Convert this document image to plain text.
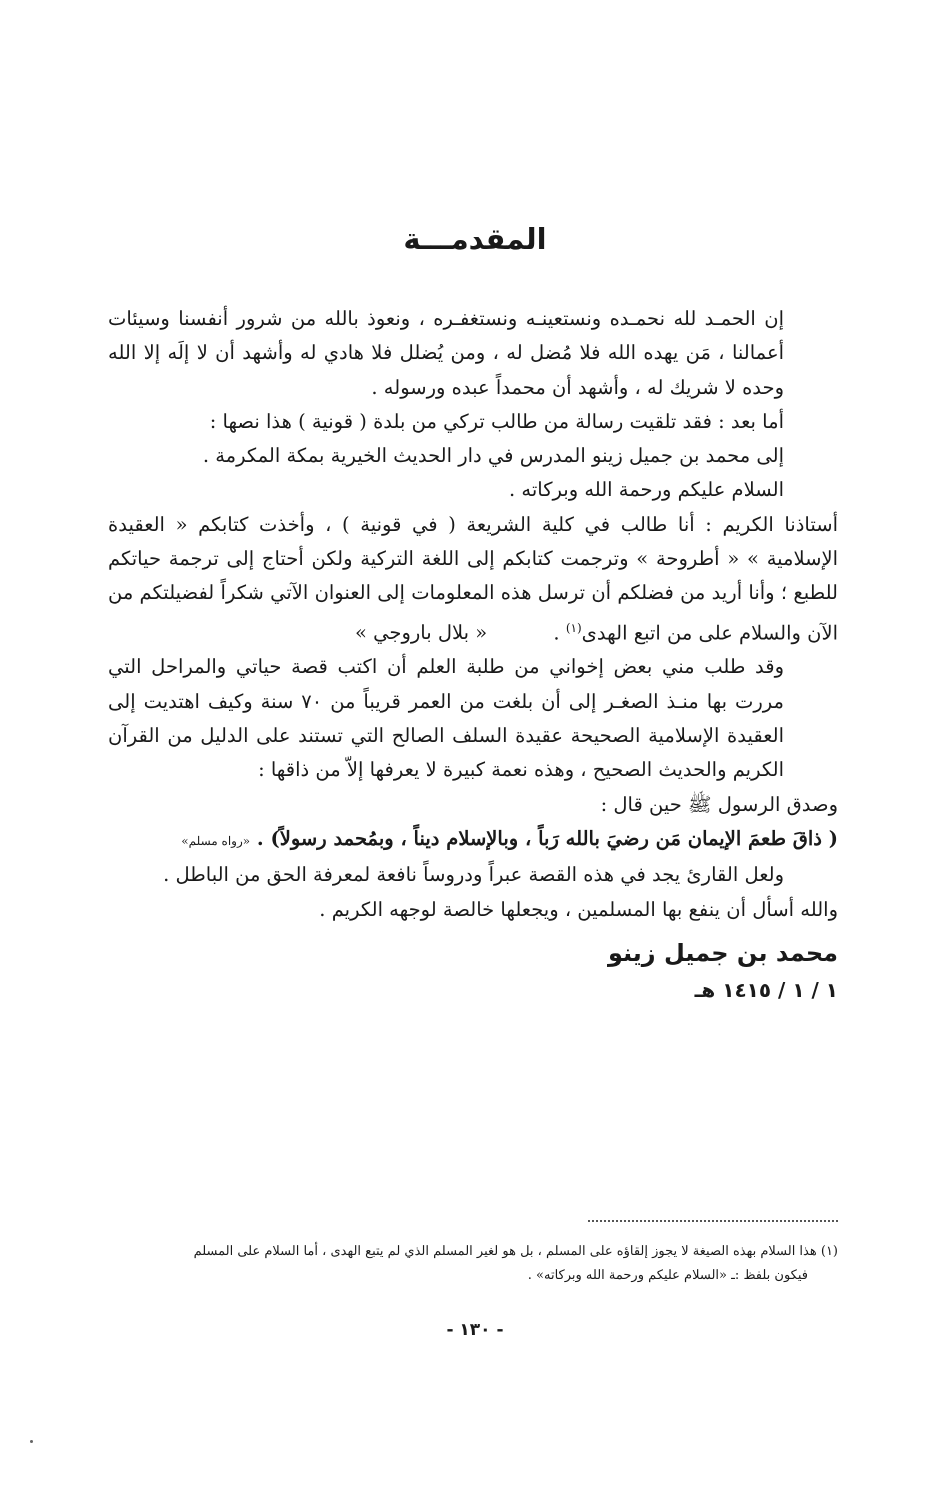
المقدمـــة

إن الحمـد لله نحمـده ونستعينـه ونستغفـره ، ونعوذ بالله من شرور أنفسنا وسيئات أعمالنا ، مَن يهده الله فلا مُضل له ، ومن يُضلل فلا هادي له وأشهد أن لا إلَه إلا الله وحده لا شريك له ، وأشهد أن محمداً عبده ورسوله .

أما بعد : فقد تلقيت رسالة من طالب تركي من بلدة ( قونية ) هذا نصها :

إلى محمد بن جميل زينو المدرس في دار الحديث الخيرية بمكة المكرمة .

السلام عليكم ورحمة الله وبركاته .

أستاذنا الكريم : أنا طالب في كلية الشريعة ( في قونية ) ، وأخذت كتابكم « العقيدة الإسلامية » « أطروحة » وترجمت كتابكم إلى اللغة التركية ولكن أحتاج إلى ترجمة حياتكم للطبع ؛ وأنا أريد من فضلكم أن ترسل هذه المعلومات إلى العنوان الآتي شكراً لفضيلتكم من الآن والسلام على من اتبع الهدى$^{(١)}$ . « بلال باروجي »

وقد طلب مني بعض إخواني من طلبة العلم أن اكتب قصة حياتي والمراحل التي مررت بها منـذ الصغـر إلى أن بلغت من العمر قريباً من ٧٠ سنة وكيف اهتديت إلى العقيدة الإسلامية الصحيحة عقيدة السلف الصالح التي تستند على الدليل من القرآن الكريم والحديث الصحيح ، وهذه نعمة كبيرة لا يعرفها إلاّ من ذاقها :

وصدق الرسول ﷺ حين قال :

( ذاقَ طعمَ الإيمان مَن رضيَ بالله رَباً ، وبالإسلام ديناً ، وبمُحمد رسولاً) . «رواه مسلم»

ولعل القارئ يجد في هذه القصة عبراً ودروساً نافعة لمعرفة الحق من الباطل .

والله أسأل أن ينفع بها المسلمين ، ويجعلها خالصة لوجهه الكريم .

محمد بن جميل زينو
١ / ١ / ١٤١٥ هـ

(١) هذا السلام بهذه الصيغة لا يجوز إلقاؤه على المسلم ، بل هو لغير المسلم الذي لم يتبع الهدى ، أما السلام على المسلم

فيكون بلفظ :ـ «السلام عليكم ورحمة الله وبركاته» .

- ١٣٠ -
